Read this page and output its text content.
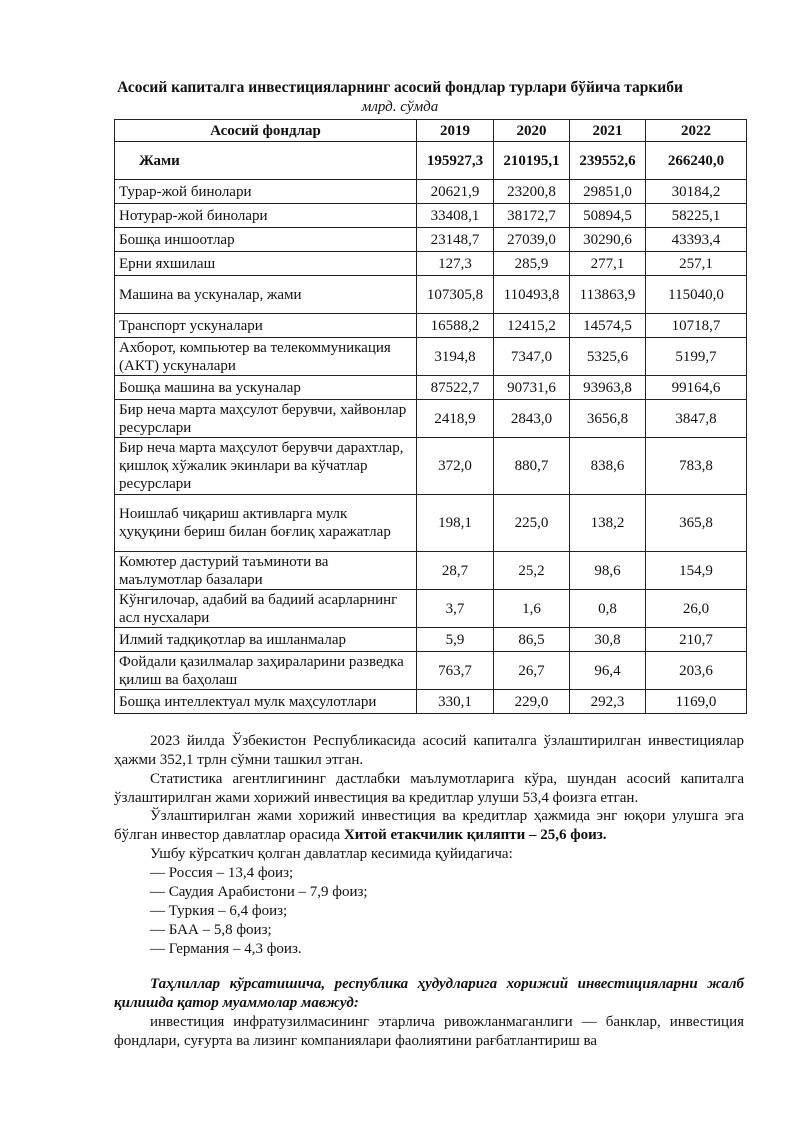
Асосий капиталга инвестицияларнинг асосий фондлар турлари бўйича таркиби
млрд. сўмда
Асосий фондлар	2019	2020	2021	2022
Жами	195927,3	210195,1	239552,6	266240,0
Турар-жой бинолари	20621,9	23200,8	29851,0	30184,2
Нотурар-жой бинолари	33408,1	38172,7	50894,5	58225,1
Бошқа иншоотлар	23148,7	27039,0	30290,6	43393,4
Ерни яхшилаш	127,3	285,9	277,1	257,1
Машина ва ускуналар, жами	107305,8	110493,8	113863,9	115040,0
Транспорт ускуналари	16588,2	12415,2	14574,5	10718,7
Ахборот, компьютер ва телекоммуникация (АКТ) ускуналари	3194,8	7347,0	5325,6	5199,7
Бошқа машина ва ускуналар	87522,7	90731,6	93963,8	99164,6
Бир неча марта маҳсулот берувчи, хайвонлар ресурслари	2418,9	2843,0	3656,8	3847,8
Бир неча марта маҳсулот берувчи дарахтлар, қишлоқ хўжалик экинлари ва кўчатлар ресурслари	372,0	880,7	838,6	783,8
Ноишлаб чиқариш активларга мулк ҳуқуқини бериш билан боғлиқ харажатлар	198,1	225,0	138,2	365,8
Комютер дастурий таъминоти ва маълумотлар базалари	28,7	25,2	98,6	154,9
Кўнгилочар, адабий ва бадиий асарларнинг асл нусхалари	3,7	1,6	0,8	26,0
Илмий тадқиқотлар ва ишланмалар	5,9	86,5	30,8	210,7
Фойдали қазилмалар заҳираларини разведка қилиш ва баҳолаш	763,7	26,7	96,4	203,6
Бошқа интеллектуал мулк маҳсулотлари	330,1	229,0	292,3	1169,0
2023 йилда Ўзбекистон Республикасида асосий капиталга ўзлаштирилган инвестициялар ҳажми 352,1 трлн сўмни ташкил этган.
Статистика агентлигининг дастлабки маълумотларига кўра, шундан асосий капиталга ўзлаштирилган жами хорижий инвестиция ва кредитлар улуши 53,4 фоизга етган.
Ўзлаштирилган жами хорижий инвестиция ва кредитлар ҳажмида энг юқори улушга эга бўлган инвестор давлатлар орасида Хитой етакчилик қиляпти – 25,6 фоиз.
Ушбу кўрсаткич қолган давлатлар кесимида қуйидагича:
— Россия – 13,4 фоиз;
— Саудия Арабистони – 7,9 фоиз;
— Туркия – 6,4 фоиз;
— БАА – 5,8 фоиз;
— Германия – 4,3 фоиз.
Таҳлиллар кўрсатишича, республика ҳудудларига хорижий инвестицияларни жалб қилишда қатор муаммолар мавжуд:
инвестиция инфратузилмасининг этарлича ривожланмаганлиги — банклар, инвестиция фондлари, суғурта ва лизинг компаниялари фаолиятини рағбатлантириш ва
